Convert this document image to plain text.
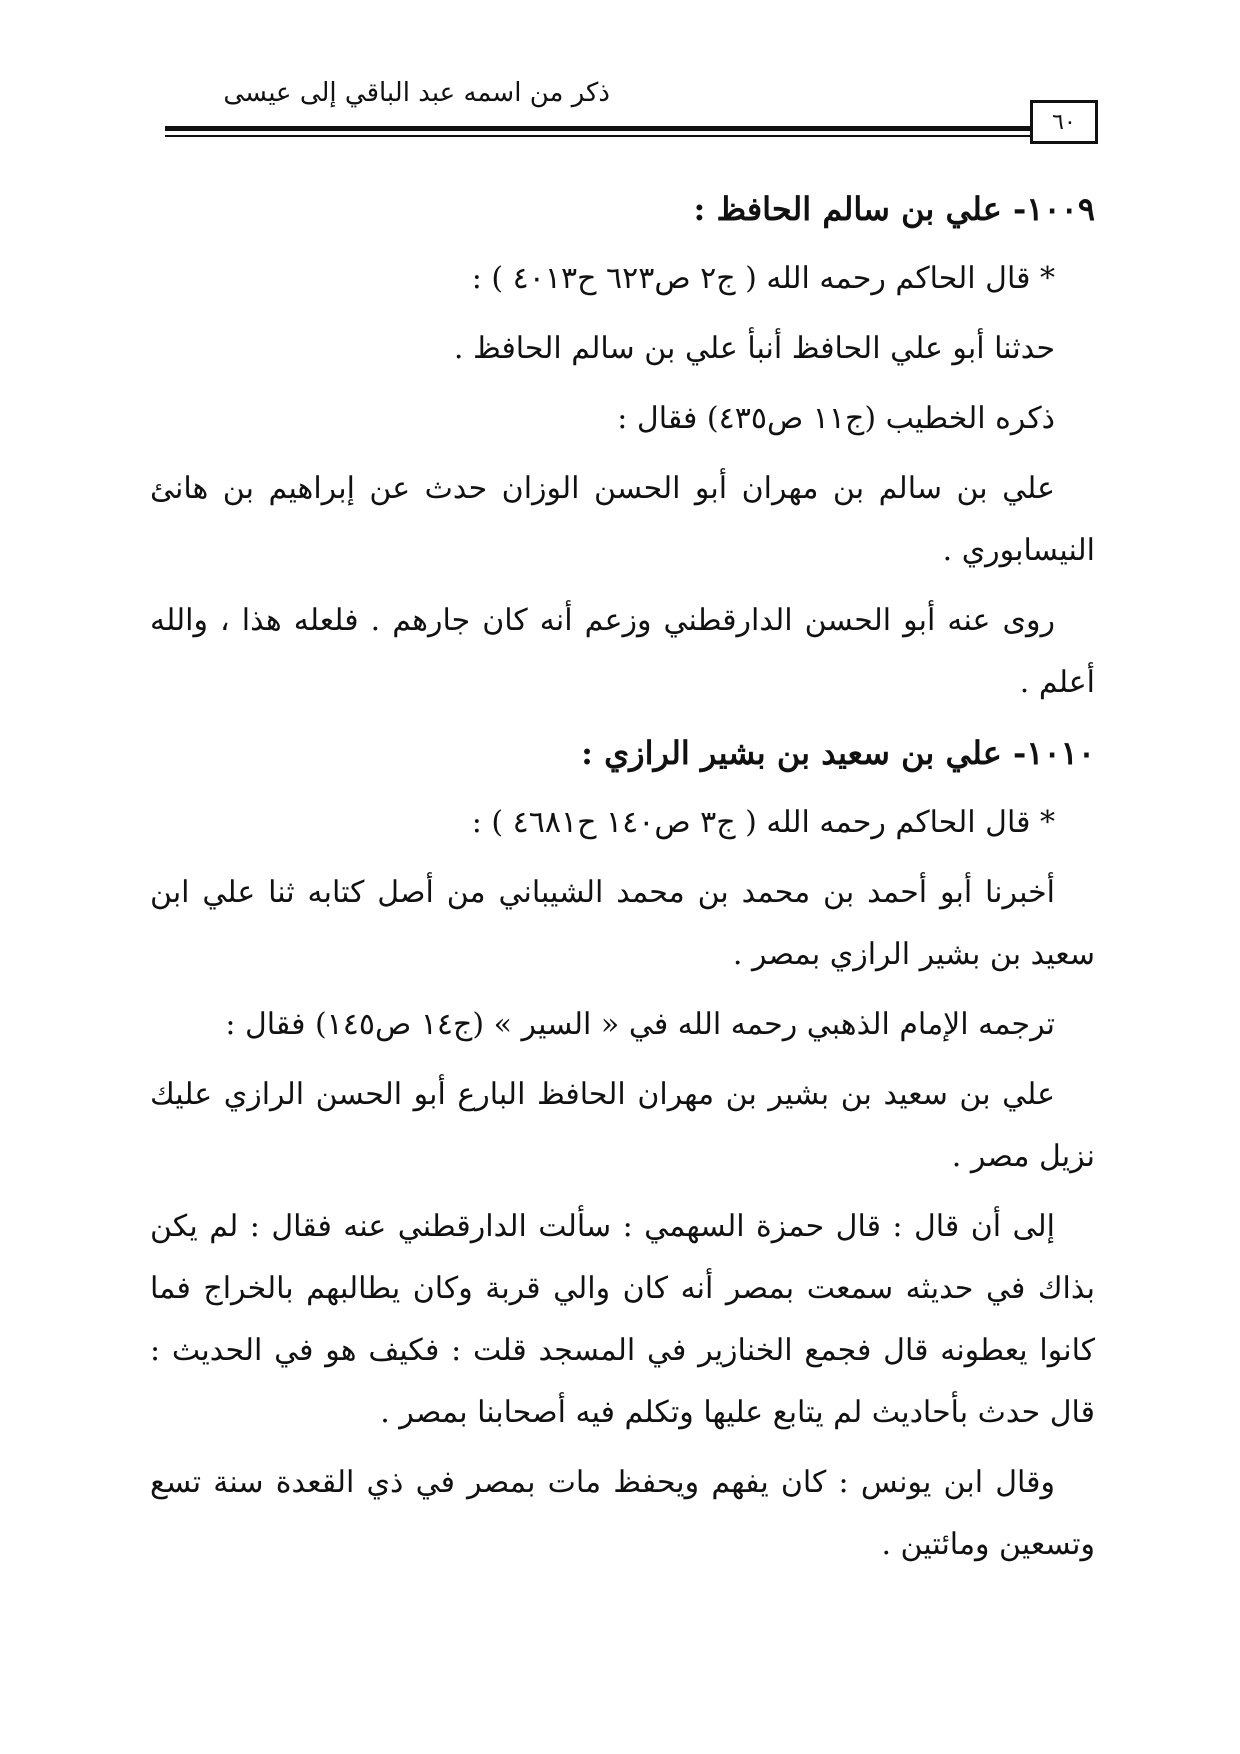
ذكر من اسمه عبد الباقي إلى عيسى
٦٠

١٠٠٩- علي بن سالم الحافظ :

* قال الحاكم رحمه الله ( ج٢ ص٦٢٣ ح٤٠١٣ ) :

حدثنا أبو علي الحافظ أنبأ علي بن سالم الحافظ .

ذكره الخطيب (ج١١ ص٤٣٥) فقال :

علي بن سالم بن مهران أبو الحسن الوزان حدث عن إبراهيم بن هانئ النيسابوري .

روى عنه أبو الحسن الدارقطني وزعم أنه كان جارهم . فلعله هذا ، والله أعلم .

١٠١٠- علي بن سعيد بن بشير الرازي :

* قال الحاكم رحمه الله ( ج٣ ص١٤٠ ح٤٦٨١ ) :

أخبرنا أبو أحمد بن محمد بن محمد الشيباني من أصل كتابه ثنا علي ابن سعيد بن بشير الرازي بمصر .

ترجمه الإمام الذهبي رحمه الله في « السير » (ج١٤ ص١٤٥) فقال :

علي بن سعيد بن بشير بن مهران الحافظ البارع أبو الحسن الرازي عليك نزيل مصر .

إلى أن قال : قال حمزة السهمي : سألت الدارقطني عنه فقال : لم يكن بذاك في حديثه سمعت بمصر أنه كان والي قربة وكان يطالبهم بالخراج فما كانوا يعطونه قال فجمع الخنازير في المسجد قلت : فكيف هو في الحديث : قال حدث بأحاديث لم يتابع عليها وتكلم فيه أصحابنا بمصر .

وقال ابن يونس : كان يفهم ويحفظ مات بمصر في ذي القعدة سنة تسع وتسعين ومائتين .
